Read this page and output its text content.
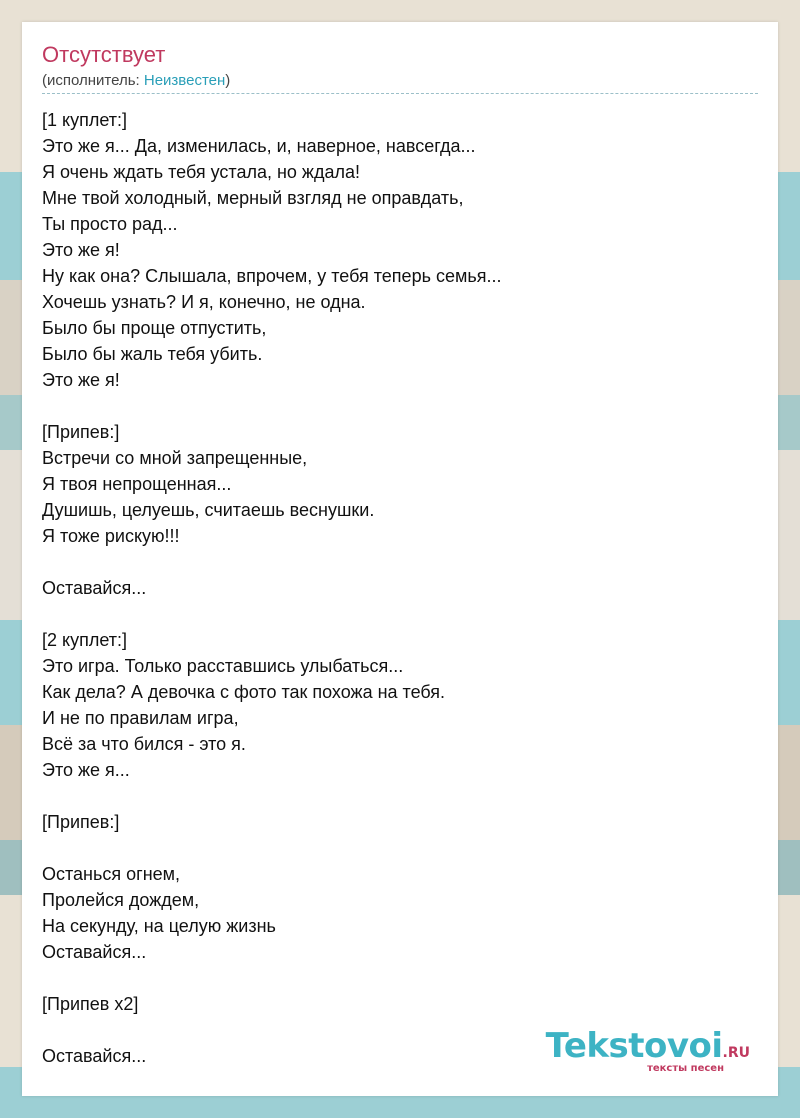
Отсутствует
(исполнитель: Неизвестен)
[1 куплет:]
Это же я... Да, изменилась, и, наверное, навсегда...
Я очень ждать тебя устала, но ждала!
Мне твой холодный, мерный взгляд не оправдать,
Ты просто рад...
Это же я!
Ну как она? Слышала, впрочем, у тебя теперь семья...
Хочешь узнать? И я, конечно, не одна.
Было бы проще отпустить,
Было бы жаль тебя убить.
Это же я!
[Припев:]
Встречи со мной запрещенные,
Я твоя непрощенная...
Душишь, целуешь, считаешь веснушки.
Я тоже рискую!!!
Оставайся...
[2 куплет:]
Это игра. Только расставшись улыбаться...
Как дела? А девочка с фото так похожа на тебя.
И не по правилам игра,
Всё за что бился - это я.
Это же я...
[Припев:]
Останься огнем,
Пролейся дождем,
На секунду, на целую жизнь
Оставайся...
[Припев x2]
Оставайся...	Tekstovoi.RU
тексты песен
